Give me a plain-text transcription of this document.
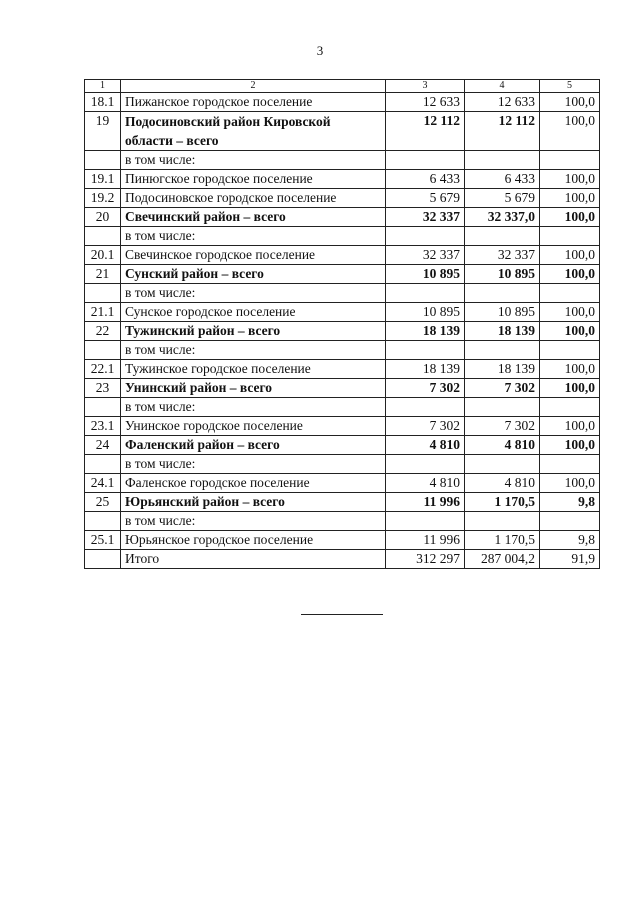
3
1	2	3	4	5
18.1	Пижанское городское поселение	12 633	12 633	100,0
19	Подосиновский район Кировской области – всего	12 112	12 112	100,0
	в том числе:			
19.1	Пинюгское городское поселение	6 433	6 433	100,0
19.2	Подосиновское городское поселение	5 679	5 679	100,0
20	Свечинский район – всего	32 337	32 337,0	100,0
	в том числе:			
20.1	Свечинское городское поселение	32 337	32 337	100,0
21	Сунский район – всего	10 895	10 895	100,0
	в том числе:			
21.1	Сунское городское поселение	10 895	10 895	100,0
22	Тужинский район – всего	18 139	18 139	100,0
	в том числе:			
22.1	Тужинское городское поселение	18 139	18 139	100,0
23	Унинский район – всего	7 302	7 302	100,0
	в том числе:			
23.1	Унинское городское поселение	7 302	7 302	100,0
24	Фаленский район – всего	4 810	4 810	100,0
	в том числе:			
24.1	Фаленское городское поселение	4 810	4 810	100,0
25	Юрьянский район – всего	11 996	1 170,5	9,8
	в том числе:			
25.1	Юрьянское городское поселение	11 996	1 170,5	9,8
	Итого	312 297	287 004,2	91,9
